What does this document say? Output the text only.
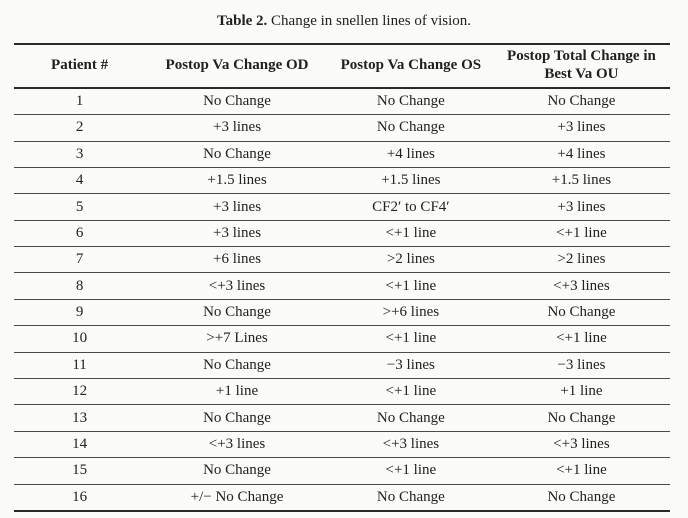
Table 2. Change in snellen lines of vision.
Patient #	Postop Va Change OD	Postop Va Change OS	Postop Total Change in Best Va OU
1	No Change	No Change	No Change
2	+3 lines	No Change	+3 lines
3	No Change	+4 lines	+4 lines
4	+1.5 lines	+1.5 lines	+1.5 lines
5	+3 lines	CF2′ to CF4′	+3 lines
6	+3 lines	<+1 line	<+1 line
7	+6 lines	>2 lines	>2 lines
8	<+3 lines	<+1 line	<+3 lines
9	No Change	>+6 lines	No Change
10	>+7 Lines	<+1 line	<+1 line
11	No Change	−3 lines	−3 lines
12	+1 line	<+1 line	+1 line
13	No Change	No Change	No Change
14	<+3 lines	<+3 lines	<+3 lines
15	No Change	<+1 line	<+1 line
16	+/− No Change	No Change	No Change
